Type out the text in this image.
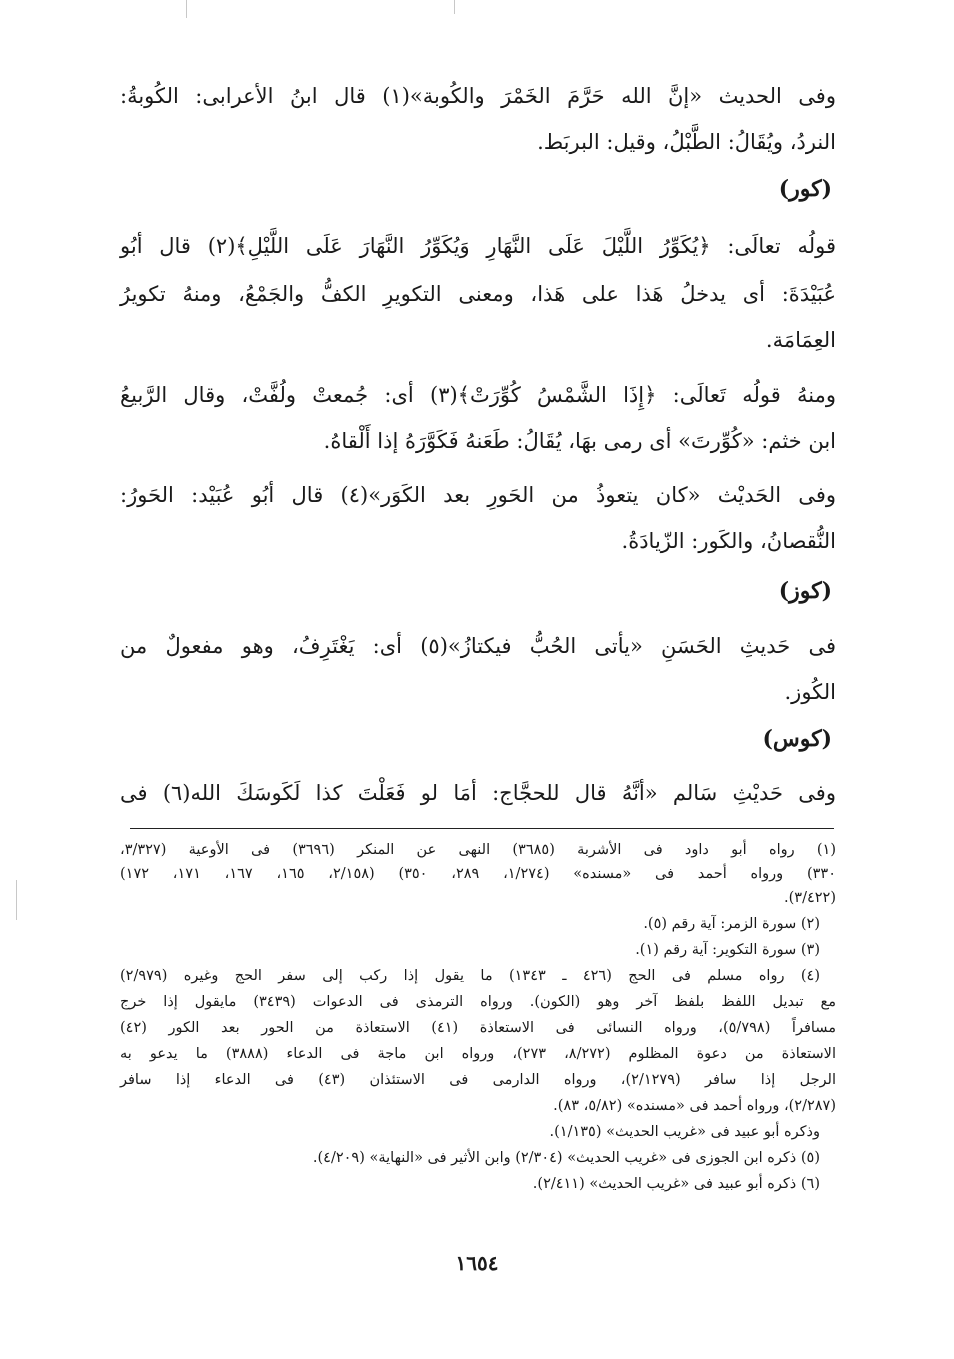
وفى الحديث «إنَّ الله حَرَّمَ الخَمْرَ والكُوبة»(١) قال ابنُ الأعرابى: الكُوبةُ:
النردُ، ويُقَالُ: الطَّبْلُ، وقيل: البربَط.
(كور)
قولُه تعالَى: ﴿يُكَوِّرُ اللَّيْلَ عَلَى النَّهَارِ وَيُكَوِّرُ النَّهَارَ عَلَى اللَّيْلِ﴾(٢) قال أبُو
عُبَيْدَةَ: أى يدخلُ هَذا على هَذا، ومعنى التكويرِ الكفُّ والجَمْعُ، ومنهُ تكويرُ
العِمَامَة.
ومنهُ قولُه تَعالَى: ﴿إِذَا الشَّمْسُ كُوِّرَتْ﴾(٣) أى: جُمعتْ ولُفَّتْ، وقال الرَّبيعُ
ابن خثم: «كُوِّرتَ» أى رمى بهَا، يُقَالُ: طَعَنهُ فَكَوَّرَهُ إذا أَلْقاهُ.
وفى الحَديْث «كان يتعوذُ من الحَورِ بعد الكَوَر»(٤) قال أبُو عُبَيْد: الحَورُ:
النُّقصانُ، والكَور: الزّيادَةُ.
(كوز)
فى حَديثِ الحَسَنِ «يأتى الحُبُّ فيكتازُ»(٥) أى: يَغْتَرِفُ، وهو مفعولٌ من
الكُوز.
(كوس)
وفى حَديْثِ سَالم «أنَّهُ قال للحجَّاج: أمَا لو فَعَلْتَ كذا لَكَوسَكَ الله(٦) فى
(١) رواه أبو داود فى الأشربة (٣٦٨٥) النهى عن المنكر (٣٦٩٦) فى الأوعية (٣/٣٢٧،
٣٣٠) ورواه أحمد فى «مسنده» (١/٢٧٤، ٢٨٩، ٣٥٠) (٢/١٥٨، ١٦٥، ١٦٧، ١٧١، ١٧٢)
(٣/٤٢٢).
(٢) سورة الزمر: آية رقم (٥).
(٣) سورة التكوير: آية رقم (١).
(٤) رواه مسلم فى الحج (٤٢٦ ـ ١٣٤٣) ما يقول إذا ركب إلى سفر الحج وغيره (٢/٩٧٩)
مع تبديل اللفظ بلفظ آخر وهو (الكون). ورواه الترمذى فى الدعوات (٣٤٣٩) مايقول إذا خرج
مسافراً (٥/٧٩٨)، ورواه النسائى فى الاستعاذة (٤١) الاستعاذة من الحور بعد الكور (٤٢)
الاستعاذة من دعوة المظلوم (٨/٢٧٢، ٢٧٣)، ورواه ابن ماجة فى الدعاء (٣٨٨٨) ما يدعو به
الرجل إذا سافر (٢/١٢٧٩)، ورواه الدارمى فى الاستئذان (٤٣) فى الدعاء إذا سافر
(٢/٢٨٧)، ورواه أحمد فى «مسنده» (٥/٨٢، ٨٣).
وذكره أبو عبيد فى «غريب الحديث» (١/١٣٥).
(٥) ذكره ابن الجوزى فى «غريب الحديث» (٢/٣٠٤) وابن الأثير فى «النهاية» (٤/٢٠٩).
(٦) ذكره أبو عبيد فى «غريب الحديث» (٢/٤١١).
١٦٥٤
